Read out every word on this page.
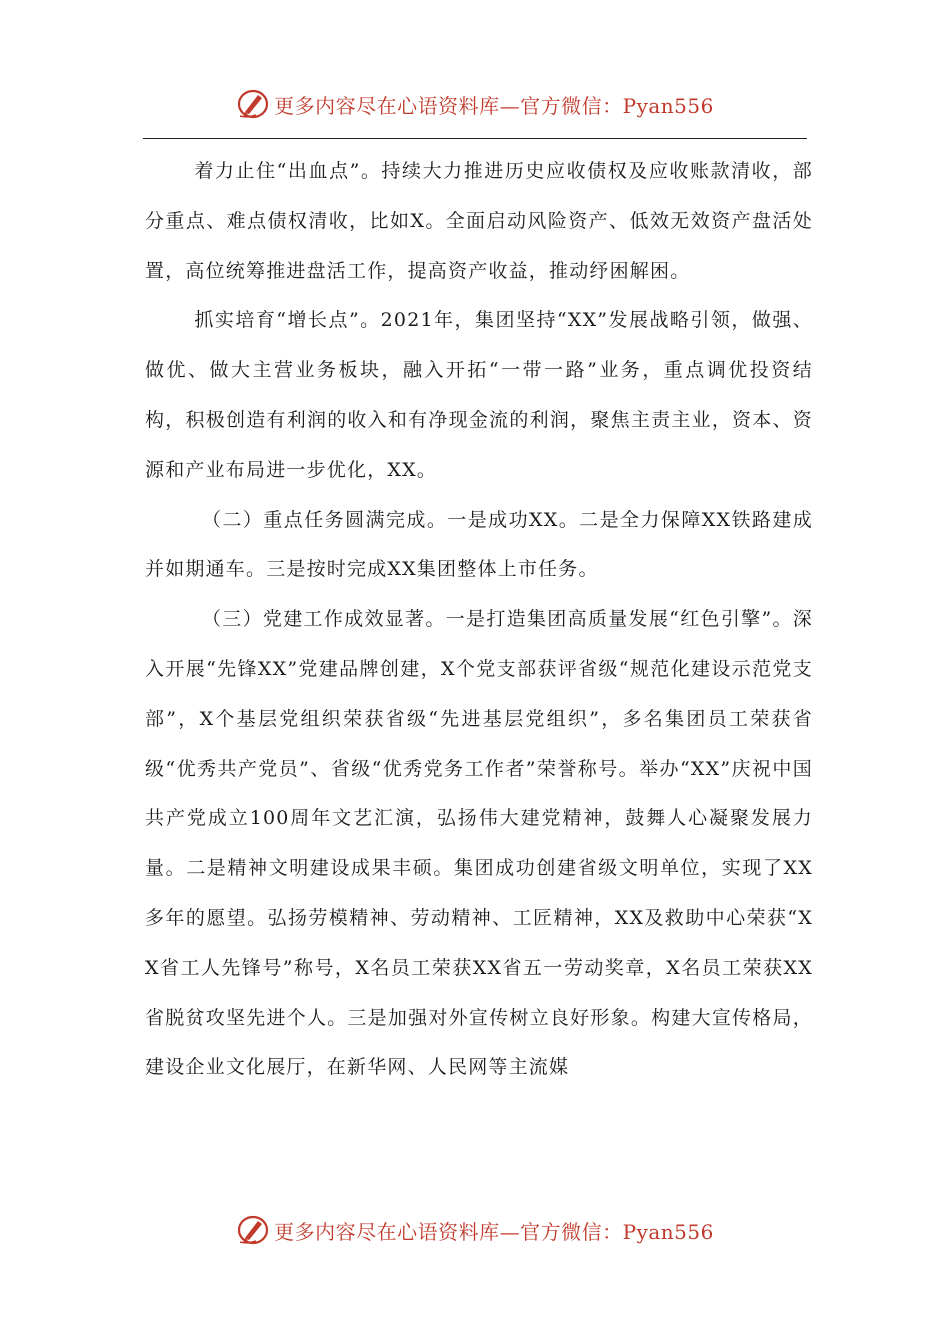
更多内容尽在心语资料库—官方微信：Pyan556

着力止住“出血点”。持续大力推进历史应收债权及应收账款清收，部分重点、难点债权清收，比如X。全面启动风险资产、低效无效资产盘活处置，高位统筹推进盘活工作，提高资产收益，推动纾困解困。

抓实培育“增长点”。2021年，集团坚持“XX”发展战略引领，做强、做优、做大主营业务板块，融入开拓“一带一路”业务，重点调优投资结构，积极创造有利润的收入和有净现金流的利润，聚焦主责主业，资本、资源和产业布局进一步优化，XX。

（二）重点任务圆满完成。一是成功XX。二是全力保障XX铁路建成并如期通车。三是按时完成XX集团整体上市任务。

（三）党建工作成效显著。一是打造集团高质量发展“红色引擎”。深入开展“先锋XX”党建品牌创建，X个党支部获评省级“规范化建设示范党支部”，X个基层党组织荣获省级“先进基层党组织”，多名集团员工荣获省级“优秀共产党员”、省级“优秀党务工作者”荣誉称号。举办“XX”庆祝中国共产党成立100周年文艺汇演，弘扬伟大建党精神，鼓舞人心凝聚发展力量。二是精神文明建设成果丰硕。集团成功创建省级文明单位，实现了XX多年的愿望。弘扬劳模精神、劳动精神、工匠精神，XX及救助中心荣获“XX省工人先锋号”称号，X名员工荣获XX省五一劳动奖章，X名员工荣获XX省脱贫攻坚先进个人。三是加强对外宣传树立良好形象。构建大宣传格局，建设企业文化展厅，在新华网、人民网等主流媒

更多内容尽在心语资料库—官方微信：Pyan556
